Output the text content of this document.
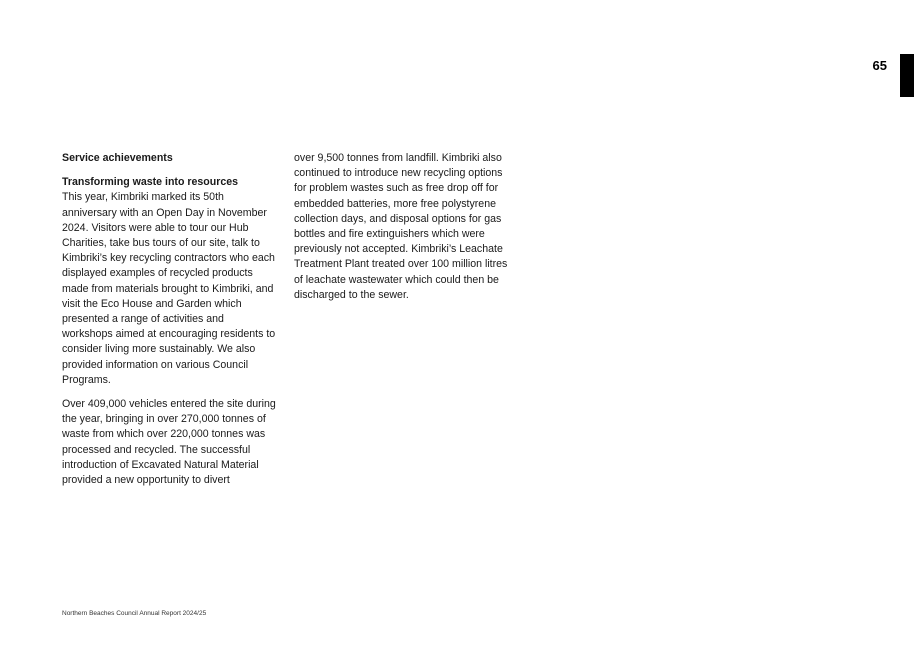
65

Service achievements

Transforming waste into resources

This year, Kimbriki marked its 50th anniversary with an Open Day in November 2024. Visitors were able to tour our Hub Charities, take bus tours of our site, talk to Kimbriki’s key recycling contractors who each displayed examples of recycled products made from materials brought to Kimbriki, and visit the Eco House and Garden which presented a range of activities and workshops aimed at encouraging residents to consider living more sustainably. We also provided information on various Council Programs.

Over 409,000 vehicles entered the site during the year, bringing in over 270,000 tonnes of waste from which over 220,000 tonnes was processed and recycled. The successful introduction of Excavated Natural Material provided a new opportunity to divert

over 9,500 tonnes from landfill. Kimbriki also continued to introduce new recycling options for problem wastes such as free drop off for embedded batteries, more free polystyrene collection days, and disposal options for gas bottles and fire extinguishers which were previously not accepted. Kimbriki’s Leachate Treatment Plant treated over 100 million litres of leachate wastewater which could then be discharged to the sewer.

Northern Beaches Council Annual Report 2024/25
